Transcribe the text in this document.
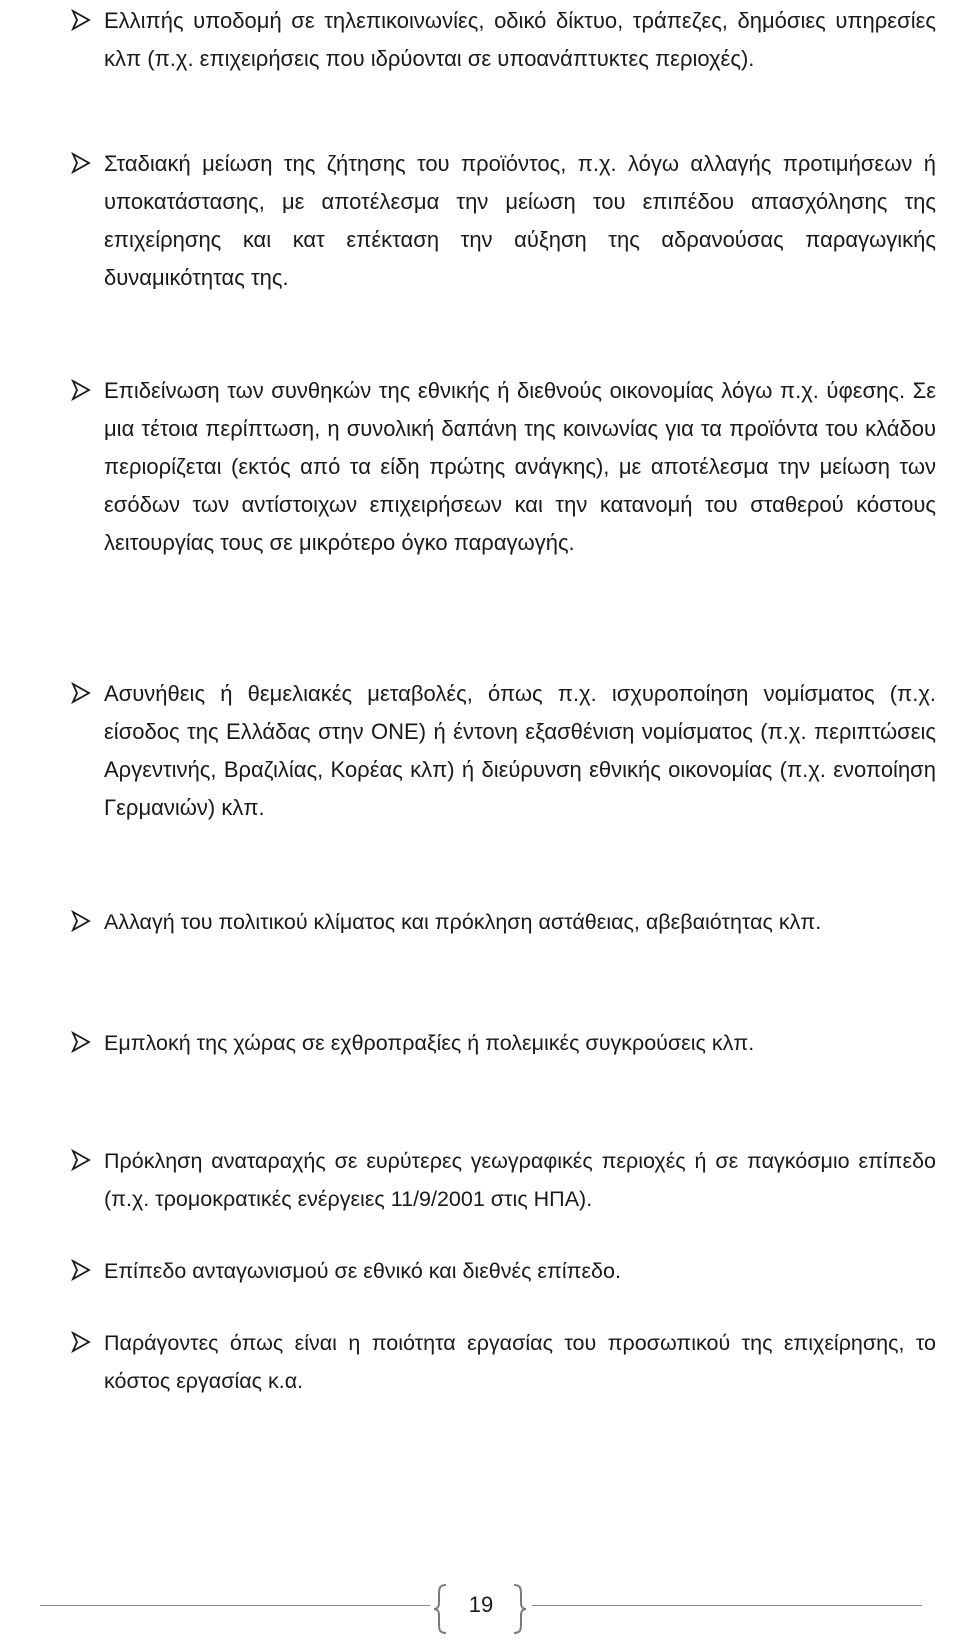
Ελλιπής υποδομή σε τηλεπικοινωνίες, οδικό δίκτυο, τράπεζες, δημόσιες υπηρεσίες κλπ (π.χ. επιχειρήσεις που ιδρύονται σε υποανάπτυκτες περιοχές).
Σταδιακή μείωση της ζήτησης του προϊόντος, π.χ. λόγω αλλαγής προτιμήσεων ή υποκατάστασης, με αποτέλεσμα την μείωση του επιπέδου απασχόλησης της επιχείρησης και κατ επέκταση την αύξηση της αδρανούσας παραγωγικής δυναμικότητας της.
Επιδείνωση των συνθηκών της εθνικής ή διεθνούς οικονομίας λόγω π.χ. ύφεσης. Σε μια τέτοια περίπτωση, η συνολική δαπάνη της κοινωνίας για τα προϊόντα του κλάδου περιορίζεται (εκτός από τα είδη πρώτης ανάγκης), με αποτέλεσμα την μείωση των εσόδων των αντίστοιχων επιχειρήσεων και την κατανομή του σταθερού κόστους λειτουργίας τους σε μικρότερο όγκο παραγωγής.
Ασυνήθεις ή θεμελιακές μεταβολές, όπως π.χ. ισχυροποίηση νομίσματος (π.χ. είσοδος της Ελλάδας στην ΟΝΕ) ή έντονη εξασθένιση νομίσματος (π.χ. περιπτώσεις Αργεντινής, Βραζιλίας, Κορέας κλπ) ή διεύρυνση εθνικής οικονομίας (π.χ. ενοποίηση Γερμανιών) κλπ.
Αλλαγή του πολιτικού κλίματος και πρόκληση αστάθειας, αβεβαιότητας κλπ.
Εμπλοκή της χώρας σε εχθροπραξίες ή πολεμικές συγκρούσεις κλπ.
Πρόκληση αναταραχής σε ευρύτερες γεωγραφικές περιοχές ή σε παγκόσμιο επίπεδο (π.χ. τρομοκρατικές ενέργειες 11/9/2001 στις ΗΠΑ).
Επίπεδο ανταγωνισμού σε εθνικό και διεθνές επίπεδο.
Παράγοντες όπως είναι η ποιότητα εργασίας του προσωπικού της επιχείρησης, το κόστος εργασίας κ.α.
19
